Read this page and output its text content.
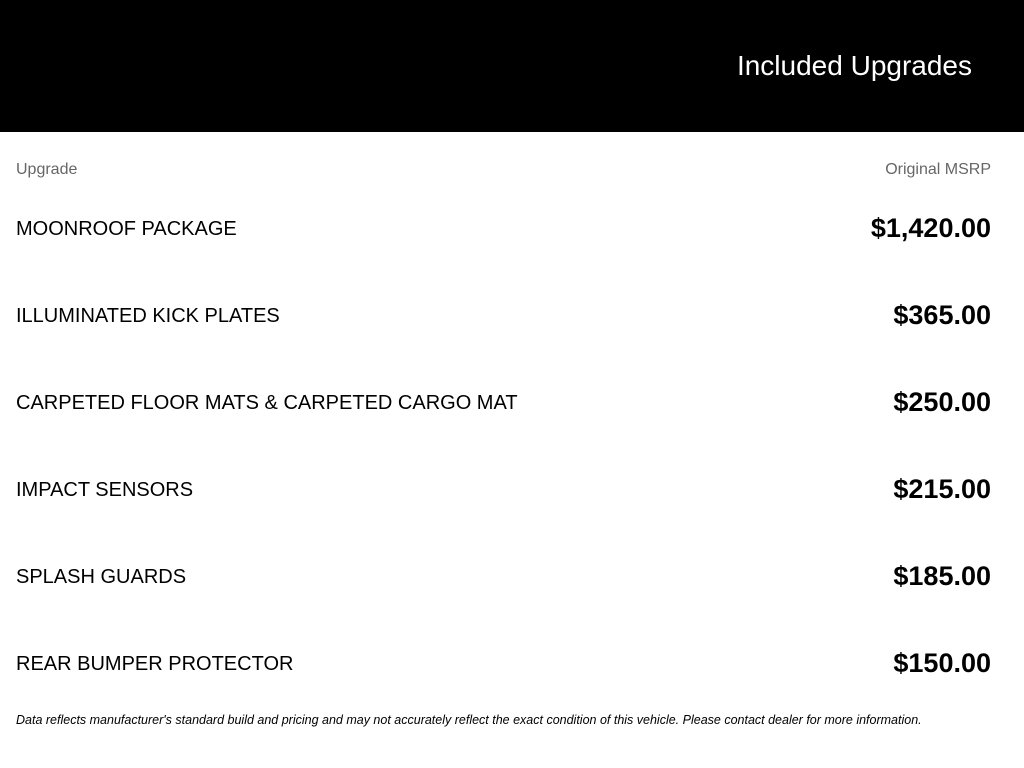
Included Upgrades
Upgrade	Original MSRP
MOONROOF PACKAGE	$1,420.00
ILLUMINATED KICK PLATES	$365.00
CARPETED FLOOR MATS & CARPETED CARGO MAT	$250.00
IMPACT SENSORS	$215.00
SPLASH GUARDS	$185.00
REAR BUMPER PROTECTOR	$150.00
Data reflects manufacturer's standard build and pricing and may not accurately reflect the exact condition of this vehicle. Please contact dealer for more information.
